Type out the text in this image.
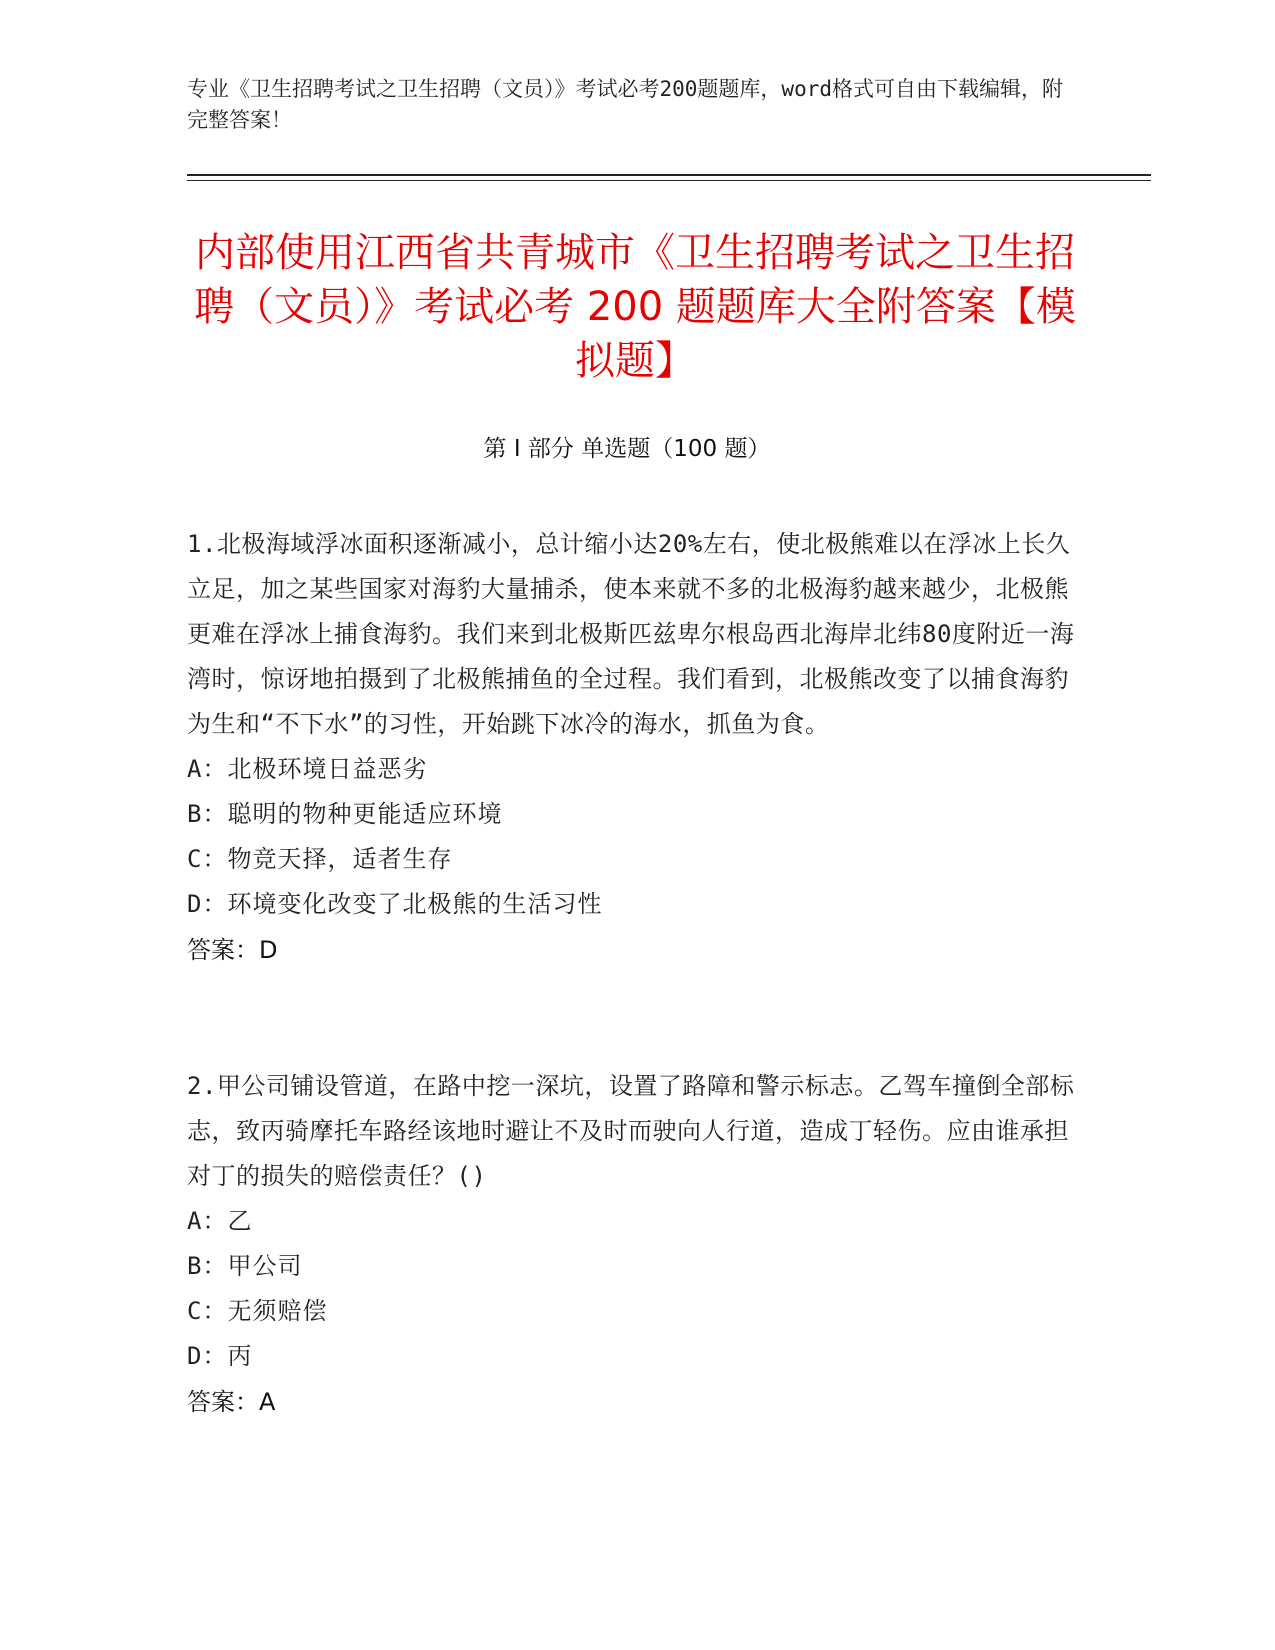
专业《卫生招聘考试之卫生招聘（文员）》考试必考200题题库，word格式可自由下载编辑，附完整答案！
内部使用江西省共青城市《卫生招聘考试之卫生招聘（文员）》考试必考 200 题题库大全附答案【模拟题】
第 I 部分 单选题（100 题）
1.北极海域浮冰面积逐渐减小，总计缩小达20%左右，使北极熊难以在浮冰上长久立足，加之某些国家对海豹大量捕杀，使本来就不多的北极海豹越来越少，北极熊更难在浮冰上捕食海豹。我们来到北极斯匹兹卑尔根岛西北海岸北纬80度附近一海湾时，惊讶地拍摄到了北极熊捕鱼的全过程。我们看到，北极熊改变了以捕食海豹为生和“不下水”的习性，开始跳下冰冷的海水，抓鱼为食。
A：北极环境日益恶劣
B：聪明的物种更能适应环境
C：物竞天择，适者生存
D：环境变化改变了北极熊的生活习性
答案：D
2.甲公司铺设管道，在路中挖一深坑，设置了路障和警示标志。乙驾车撞倒全部标志，致丙骑摩托车路经该地时避让不及时而驶向人行道，造成丁轻伤。应由谁承担对丁的损失的赔偿责任？()
A：乙
B：甲公司
C：无须赔偿
D：丙
答案：A
